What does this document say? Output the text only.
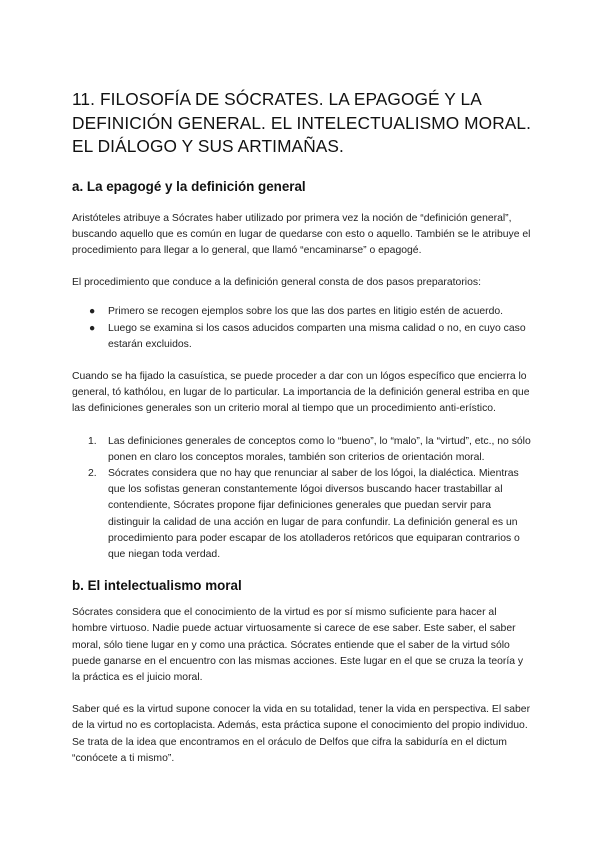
11. FILOSOFÍA DE SÓCRATES. LA EPAGOGÉ Y LA DEFINICIÓN GENERAL. EL INTELECTUALISMO MORAL. EL DIÁLOGO Y SUS ARTIMAÑAS.
a. La epagogé y la definición general

Aristóteles atribuye a Sócrates haber utilizado por primera vez la noción de “definición general”, buscando aquello que es común en lugar de quedarse con esto o aquello. También se le atribuye el procedimiento para llegar a lo general, que llamó “encaminarse” o epagogé.

El procedimiento que conduce a la definición general consta de dos pasos preparatorios:

● Primero se recogen ejemplos sobre los que las dos partes en litigio estén de acuerdo.
● Luego se examina si los casos aducidos comparten una misma calidad o no, en cuyo caso estarán excluidos.

Cuando se ha fijado la casuística, se puede proceder a dar con un lógos específico que encierra lo general, tó kathólou, en lugar de lo particular. La importancia de la definición general estriba en que las definiciones generales son un criterio moral al tiempo que un procedimiento anti-erístico.

1. Las definiciones generales de conceptos como lo “bueno”, lo “malo”, la “virtud”, etc., no sólo ponen en claro los conceptos morales, también son criterios de orientación moral.
2. Sócrates considera que no hay que renunciar al saber de los lógoi, la dialéctica. Mientras que los sofistas generan constantemente lógoi diversos buscando hacer trastabillar al contendiente, Sócrates propone fijar definiciones generales que puedan servir para distinguir la calidad de una acción en lugar de para confundir. La definición general es un procedimiento para poder escapar de los atolladeros retóricos que equiparan contrarios o que niegan toda verdad.
b. El intelectualismo moral

Sócrates considera que el conocimiento de la virtud es por sí mismo suficiente para hacer al hombre virtuoso. Nadie puede actuar virtuosamente si carece de ese saber. Este saber, el saber moral, sólo tiene lugar en y como una práctica. Sócrates entiende que el saber de la virtud sólo puede ganarse en el encuentro con las mismas acciones. Este lugar en el que se cruza la teoría y la práctica es el juicio moral.

Saber qué es la virtud supone conocer la vida en su totalidad, tener la vida en perspectiva. El saber de la virtud no es cortoplacista. Además, esta práctica supone el conocimiento del propio individuo. Se trata de la idea que encontramos en el oráculo de Delfos que cifra la sabiduría en el dictum “conócete a ti mismo”.
